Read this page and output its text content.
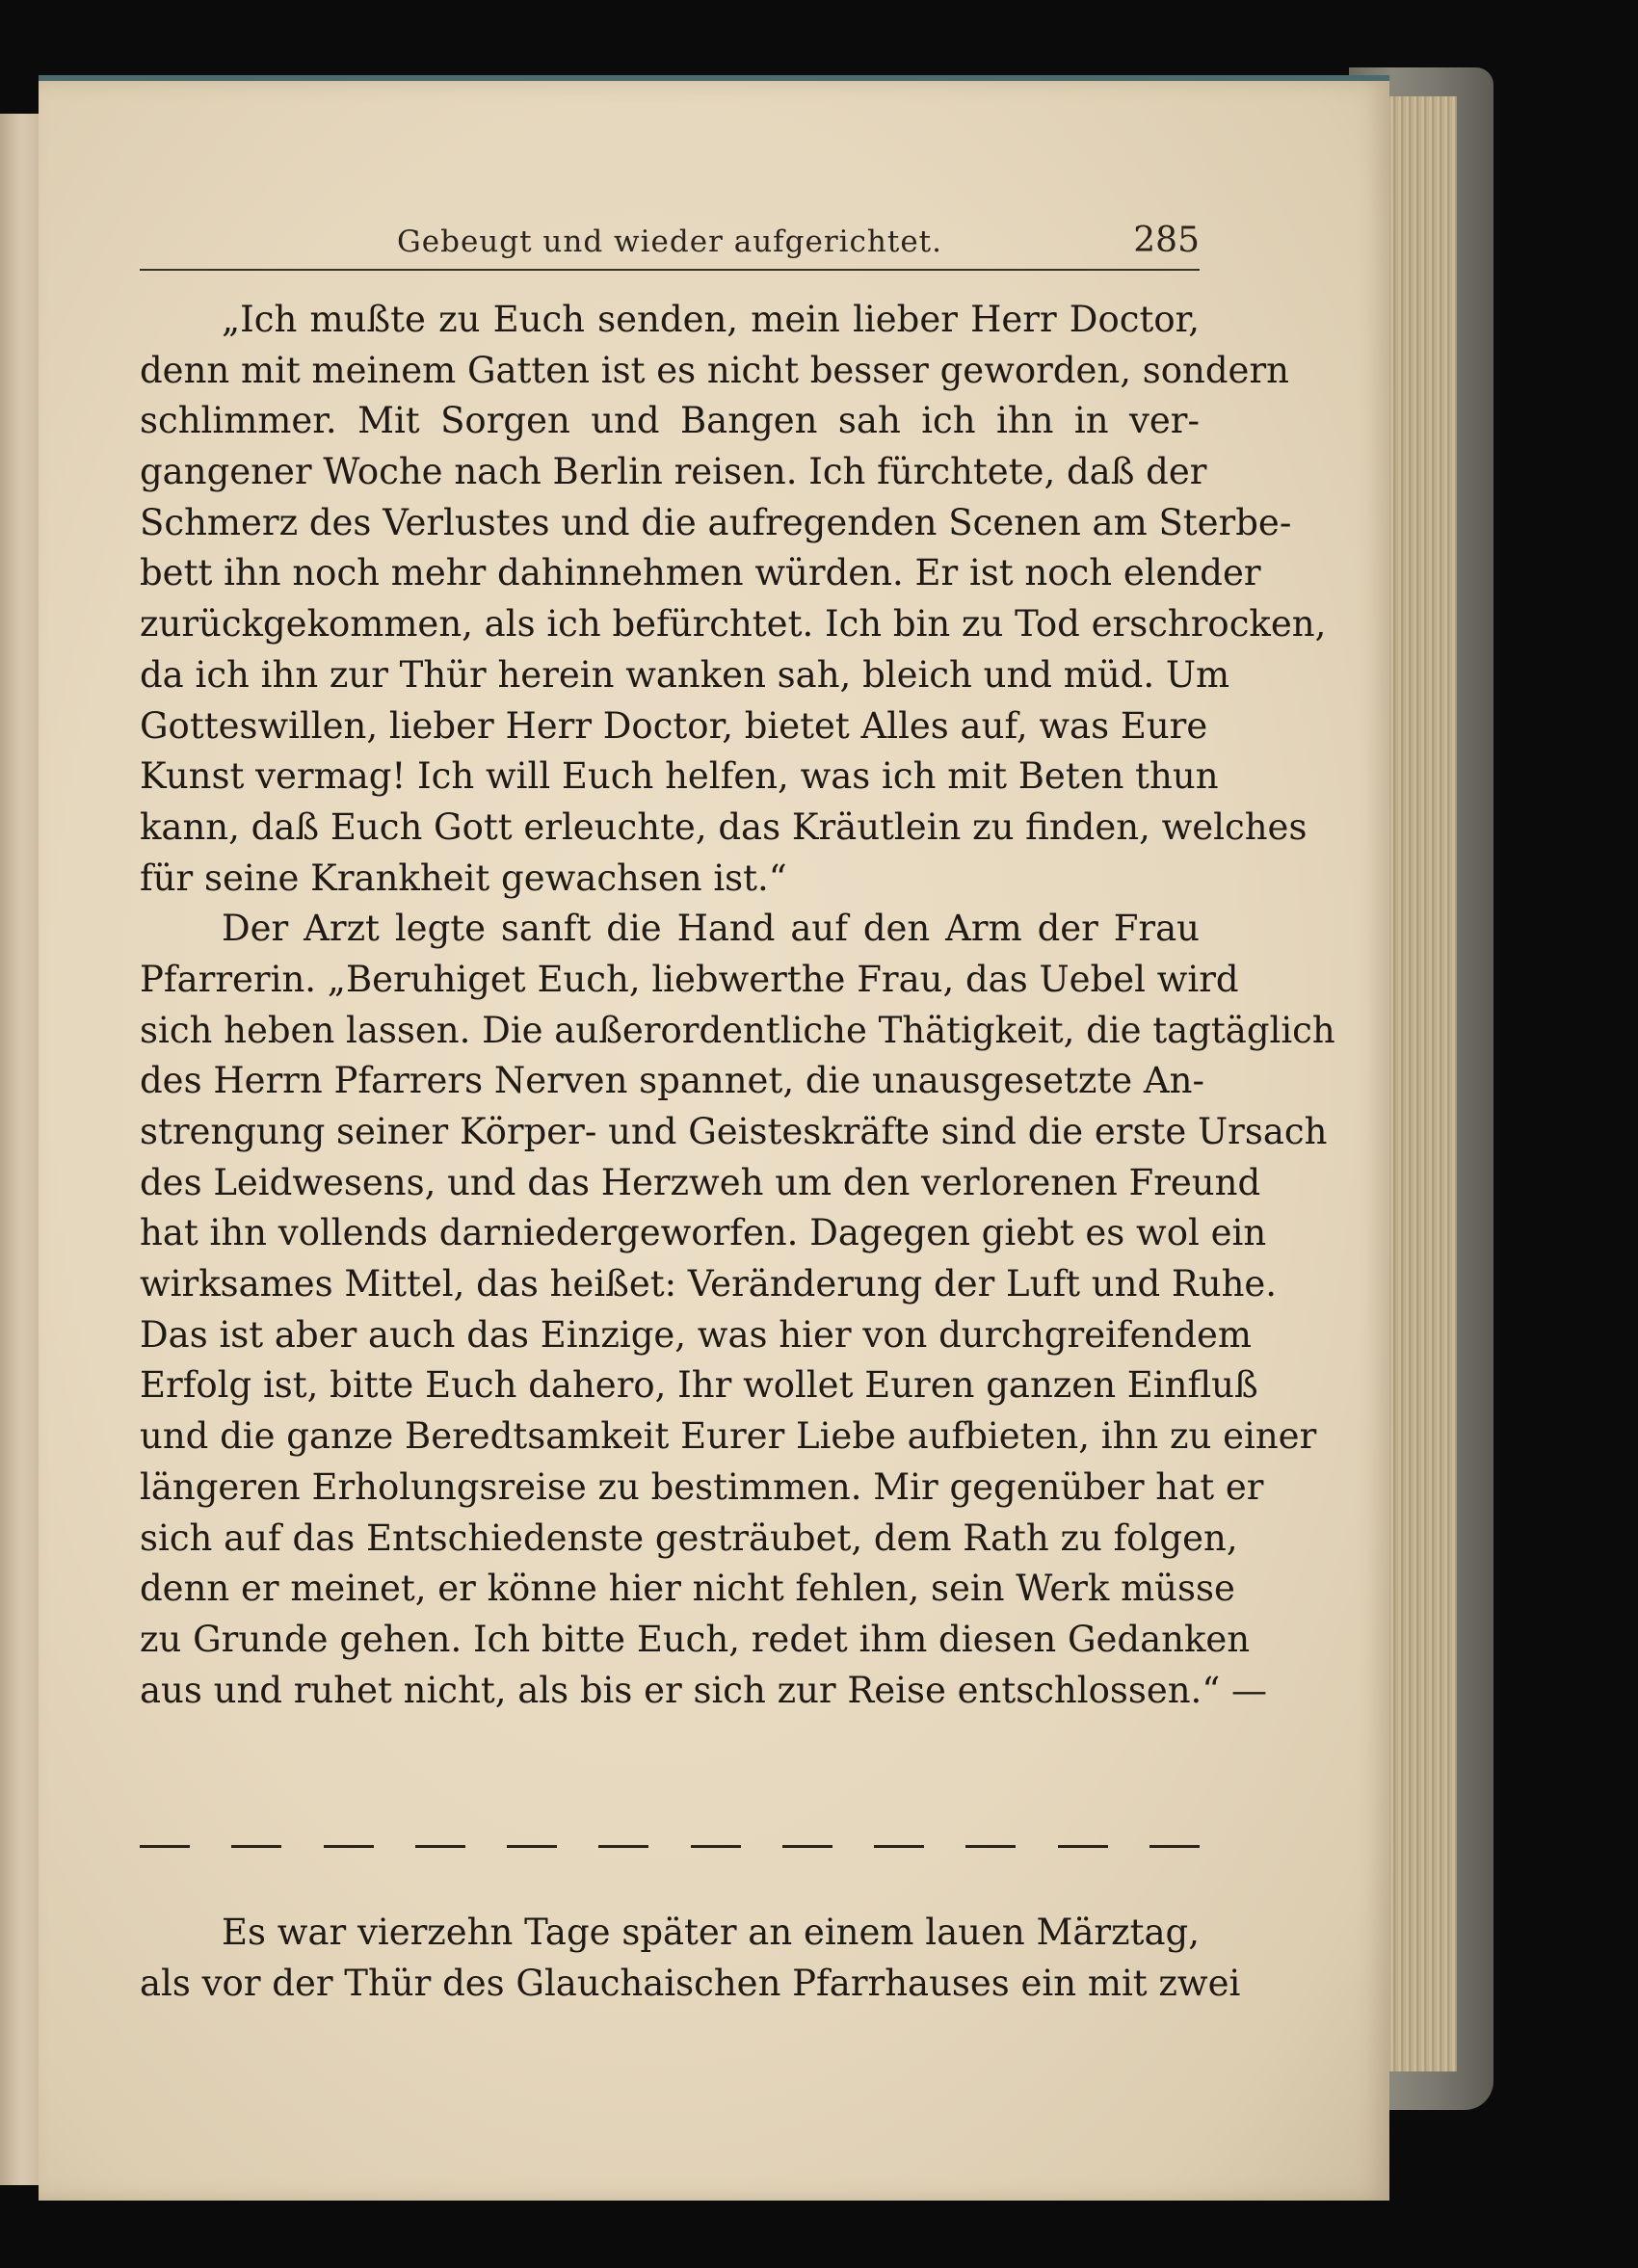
Gebeugt und wieder aufgerichtet.	285
„Ich mußte zu Euch senden, mein lieber Herr Doctor,
denn mit meinem Gatten ist es nicht besser geworden, sondern
schlimmer. Mit Sorgen und Bangen sah ich ihn in ver-
gangener Woche nach Berlin reisen. Ich fürchtete, daß der
Schmerz des Verlustes und die aufregenden Scenen am Sterbe-
bett ihn noch mehr dahinnehmen würden. Er ist noch elender
zurückgekommen, als ich befürchtet. Ich bin zu Tod erschrocken,
da ich ihn zur Thür herein wanken sah, bleich und müd. Um
Gotteswillen, lieber Herr Doctor, bietet Alles auf, was Eure
Kunst vermag! Ich will Euch helfen, was ich mit Beten thun
kann, daß Euch Gott erleuchte, das Kräutlein zu finden, welches
für seine Krankheit gewachsen ist.“
Der Arzt legte sanft die Hand auf den Arm der Frau
Pfarrerin. „Beruhiget Euch, liebwerthe Frau, das Uebel wird
sich heben lassen. Die außerordentliche Thätigkeit, die tagtäglich
des Herrn Pfarrers Nerven spannet, die unausgesetzte An-
strengung seiner Körper- und Geisteskräfte sind die erste Ursach
des Leidwesens, und das Herzweh um den verlorenen Freund
hat ihn vollends darniedergeworfen. Dagegen giebt es wol ein
wirksames Mittel, das heißet: Veränderung der Luft und Ruhe.
Das ist aber auch das Einzige, was hier von durchgreifendem
Erfolg ist, bitte Euch dahero, Ihr wollet Euren ganzen Einfluß
und die ganze Beredtsamkeit Eurer Liebe aufbieten, ihn zu einer
längeren Erholungsreise zu bestimmen. Mir gegenüber hat er
sich auf das Entschiedenste gesträubet, dem Rath zu folgen,
denn er meinet, er könne hier nicht fehlen, sein Werk müsse
zu Grunde gehen. Ich bitte Euch, redet ihm diesen Gedanken
aus und ruhet nicht, als bis er sich zur Reise entschlossen.“ —
Es war vierzehn Tage später an einem lauen Märztag,
als vor der Thür des Glauchaischen Pfarrhauses ein mit zwei
